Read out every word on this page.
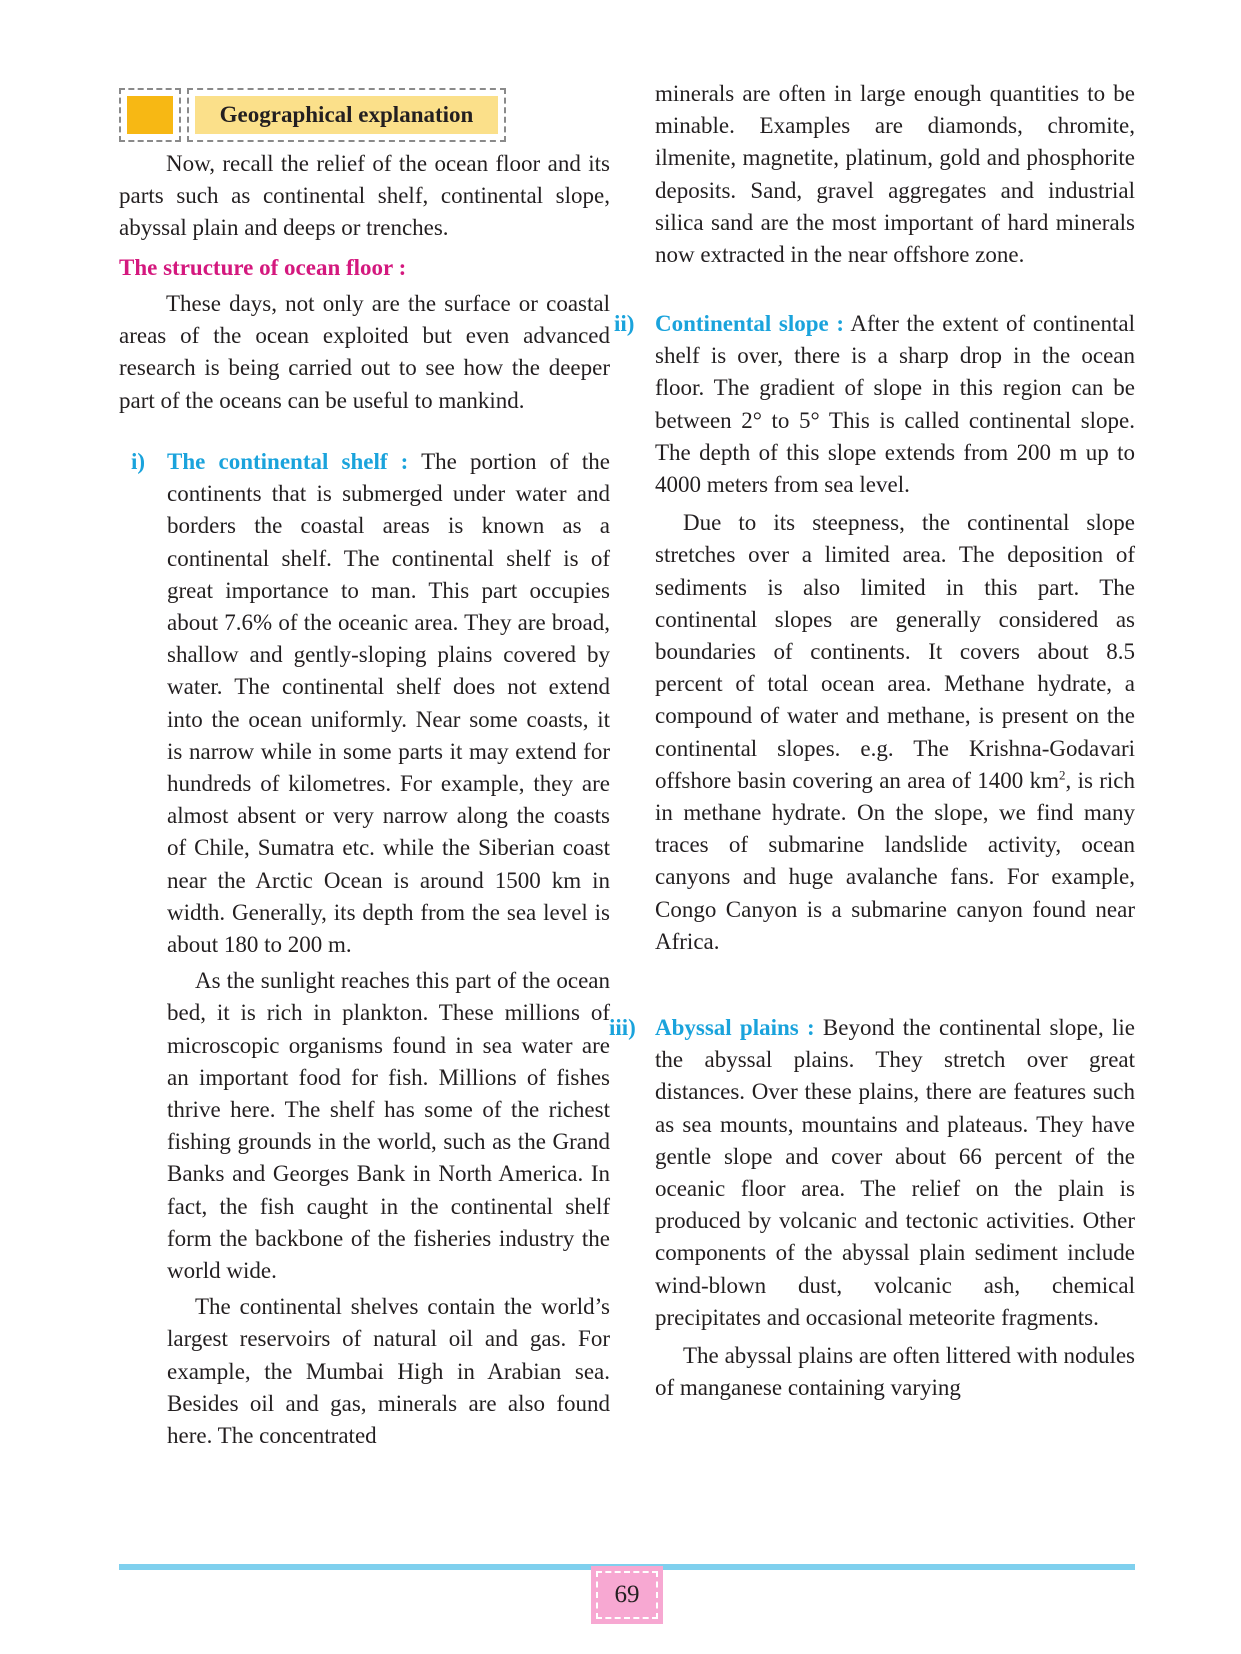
Geographical explanation

Now, recall the relief of the ocean floor and its parts such as continental shelf, continental slope, abyssal plain and deeps or trenches.

The structure of ocean floor :

These days, not only are the surface or coastal areas of the ocean exploited but even advanced research is being carried out to see how the deeper part of the oceans can be useful to mankind.

i) The continental shelf : The portion of the continents that is submerged under water and borders the coastal areas is known as a continental shelf. The continental shelf is of great importance to man. This part occupies about 7.6% of the oceanic area. They are broad, shallow and gently-sloping plains covered by water. The continental shelf does not extend into the ocean uniformly. Near some coasts, it is narrow while in some parts it may extend for hundreds of kilometres. For example, they are almost absent or very narrow along the coasts of Chile, Sumatra etc. while the Siberian coast near the Arctic Ocean is around 1500 km in width. Generally, its depth from the sea level is about 180 to 200 m.

As the sunlight reaches this part of the ocean bed, it is rich in plankton. These millions of microscopic organisms found in sea water are an important food for fish. Millions of fishes thrive here. The shelf has some of the richest fishing grounds in the world, such as the Grand Banks and Georges Bank in North America. In fact, the fish caught in the continental shelf form the backbone of the fisheries industry the world wide.

The continental shelves contain the world’s largest reservoirs of natural oil and gas. For example, the Mumbai High in Arabian sea. Besides oil and gas, minerals are also found here. The concentrated

minerals are often in large enough quantities to be minable. Examples are diamonds, chromite, ilmenite, magnetite, platinum, gold and phosphorite deposits. Sand, gravel aggregates and industrial silica sand are the most important of hard minerals now extracted in the near offshore zone.

ii) Continental slope : After the extent of continental shelf is over, there is a sharp drop in the ocean floor. The gradient of slope in this region can be between 2° to 5° This is called continental slope. The depth of this slope extends from 200 m up to 4000 meters from sea level.

Due to its steepness, the continental slope stretches over a limited area. The deposition of sediments is also limited in this part. The continental slopes are generally considered as boundaries of continents. It covers about 8.5 percent of total ocean area. Methane hydrate, a compound of water and methane, is present on the continental slopes. e.g. The Krishna-Godavari offshore basin covering an area of 1400 $km^2$, is rich in methane hydrate. On the slope, we find many traces of submarine landslide activity, ocean canyons and huge avalanche fans. For example, Congo Canyon is a submarine canyon found near Africa.

iii) Abyssal plains : Beyond the continental slope, lie the abyssal plains. They stretch over great distances. Over these plains, there are features such as sea mounts, mountains and plateaus. They have gentle slope and cover about 66 percent of the oceanic floor area. The relief on the plain is produced by volcanic and tectonic activities. Other components of the abyssal plain sediment include wind-blown dust, volcanic ash, chemical precipitates and occasional meteorite fragments.

The abyssal plains are often littered with nodules of manganese containing varying

69
